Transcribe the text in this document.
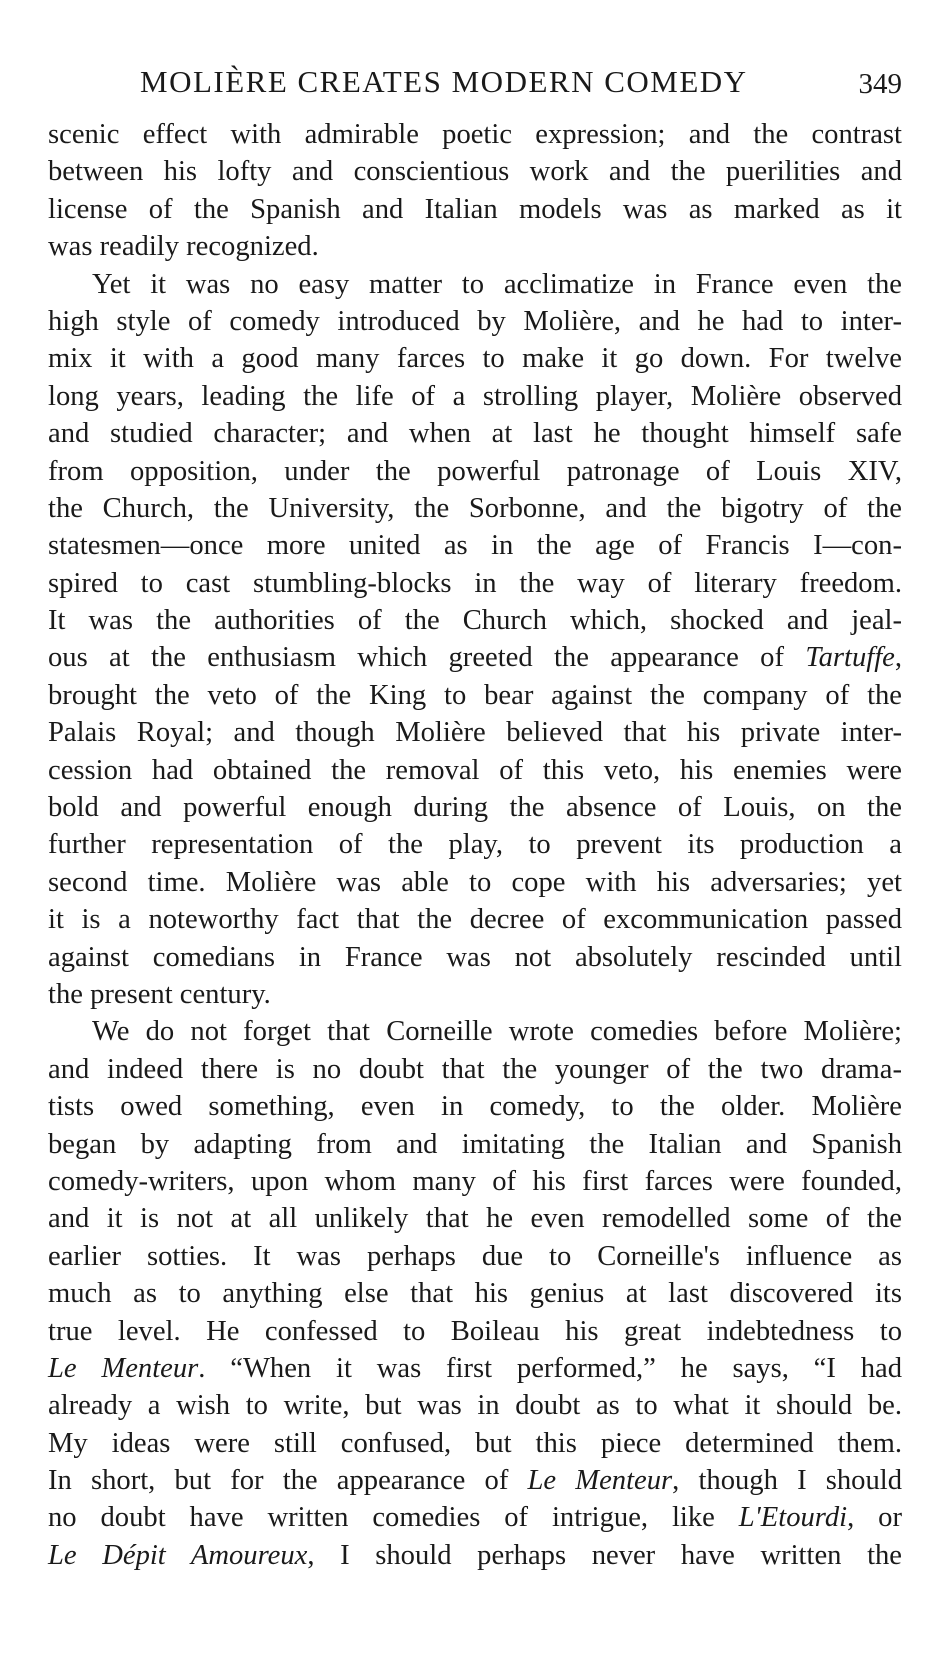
MOLIÈRE CREATES MODERN COMEDY	349
scenic effect with admirable poetic expression; and the contrast
between his lofty and conscientious work and the puerilities and
license of the Spanish and Italian models was as marked as it
was readily recognized.
Yet it was no easy matter to acclimatize in France even the
high style of comedy introduced by Molière, and he had to inter-
mix it with a good many farces to make it go down. For twelve
long years, leading the life of a strolling player, Molière observed
and studied character; and when at last he thought himself safe
from opposition, under the powerful patronage of Louis XIV,
the Church, the University, the Sorbonne, and the bigotry of the
statesmen—once more united as in the age of Francis I—con-
spired to cast stumbling-blocks in the way of literary freedom.
It was the authorities of the Church which, shocked and jeal-
ous at the enthusiasm which greeted the appearance of Tartuffe,
brought the veto of the King to bear against the company of the
Palais Royal; and though Molière believed that his private inter-
cession had obtained the removal of this veto, his enemies were
bold and powerful enough during the absence of Louis, on the
further representation of the play, to prevent its production a
second time. Molière was able to cope with his adversaries; yet
it is a noteworthy fact that the decree of excommunication passed
against comedians in France was not absolutely rescinded until
the present century.
We do not forget that Corneille wrote comedies before Molière;
and indeed there is no doubt that the younger of the two drama-
tists owed something, even in comedy, to the older. Molière
began by adapting from and imitating the Italian and Spanish
comedy-writers, upon whom many of his first farces were founded,
and it is not at all unlikely that he even remodelled some of the
earlier sotties. It was perhaps due to Corneille's influence as
much as to anything else that his genius at last discovered its
true level. He confessed to Boileau his great indebtedness to
Le Menteur. “When it was first performed,” he says, “I had
already a wish to write, but was in doubt as to what it should be.
My ideas were still confused, but this piece determined them.
In short, but for the appearance of Le Menteur, though I should
no doubt have written comedies of intrigue, like L'Etourdi, or
Le Dépit Amoureux, I should perhaps never have written the
